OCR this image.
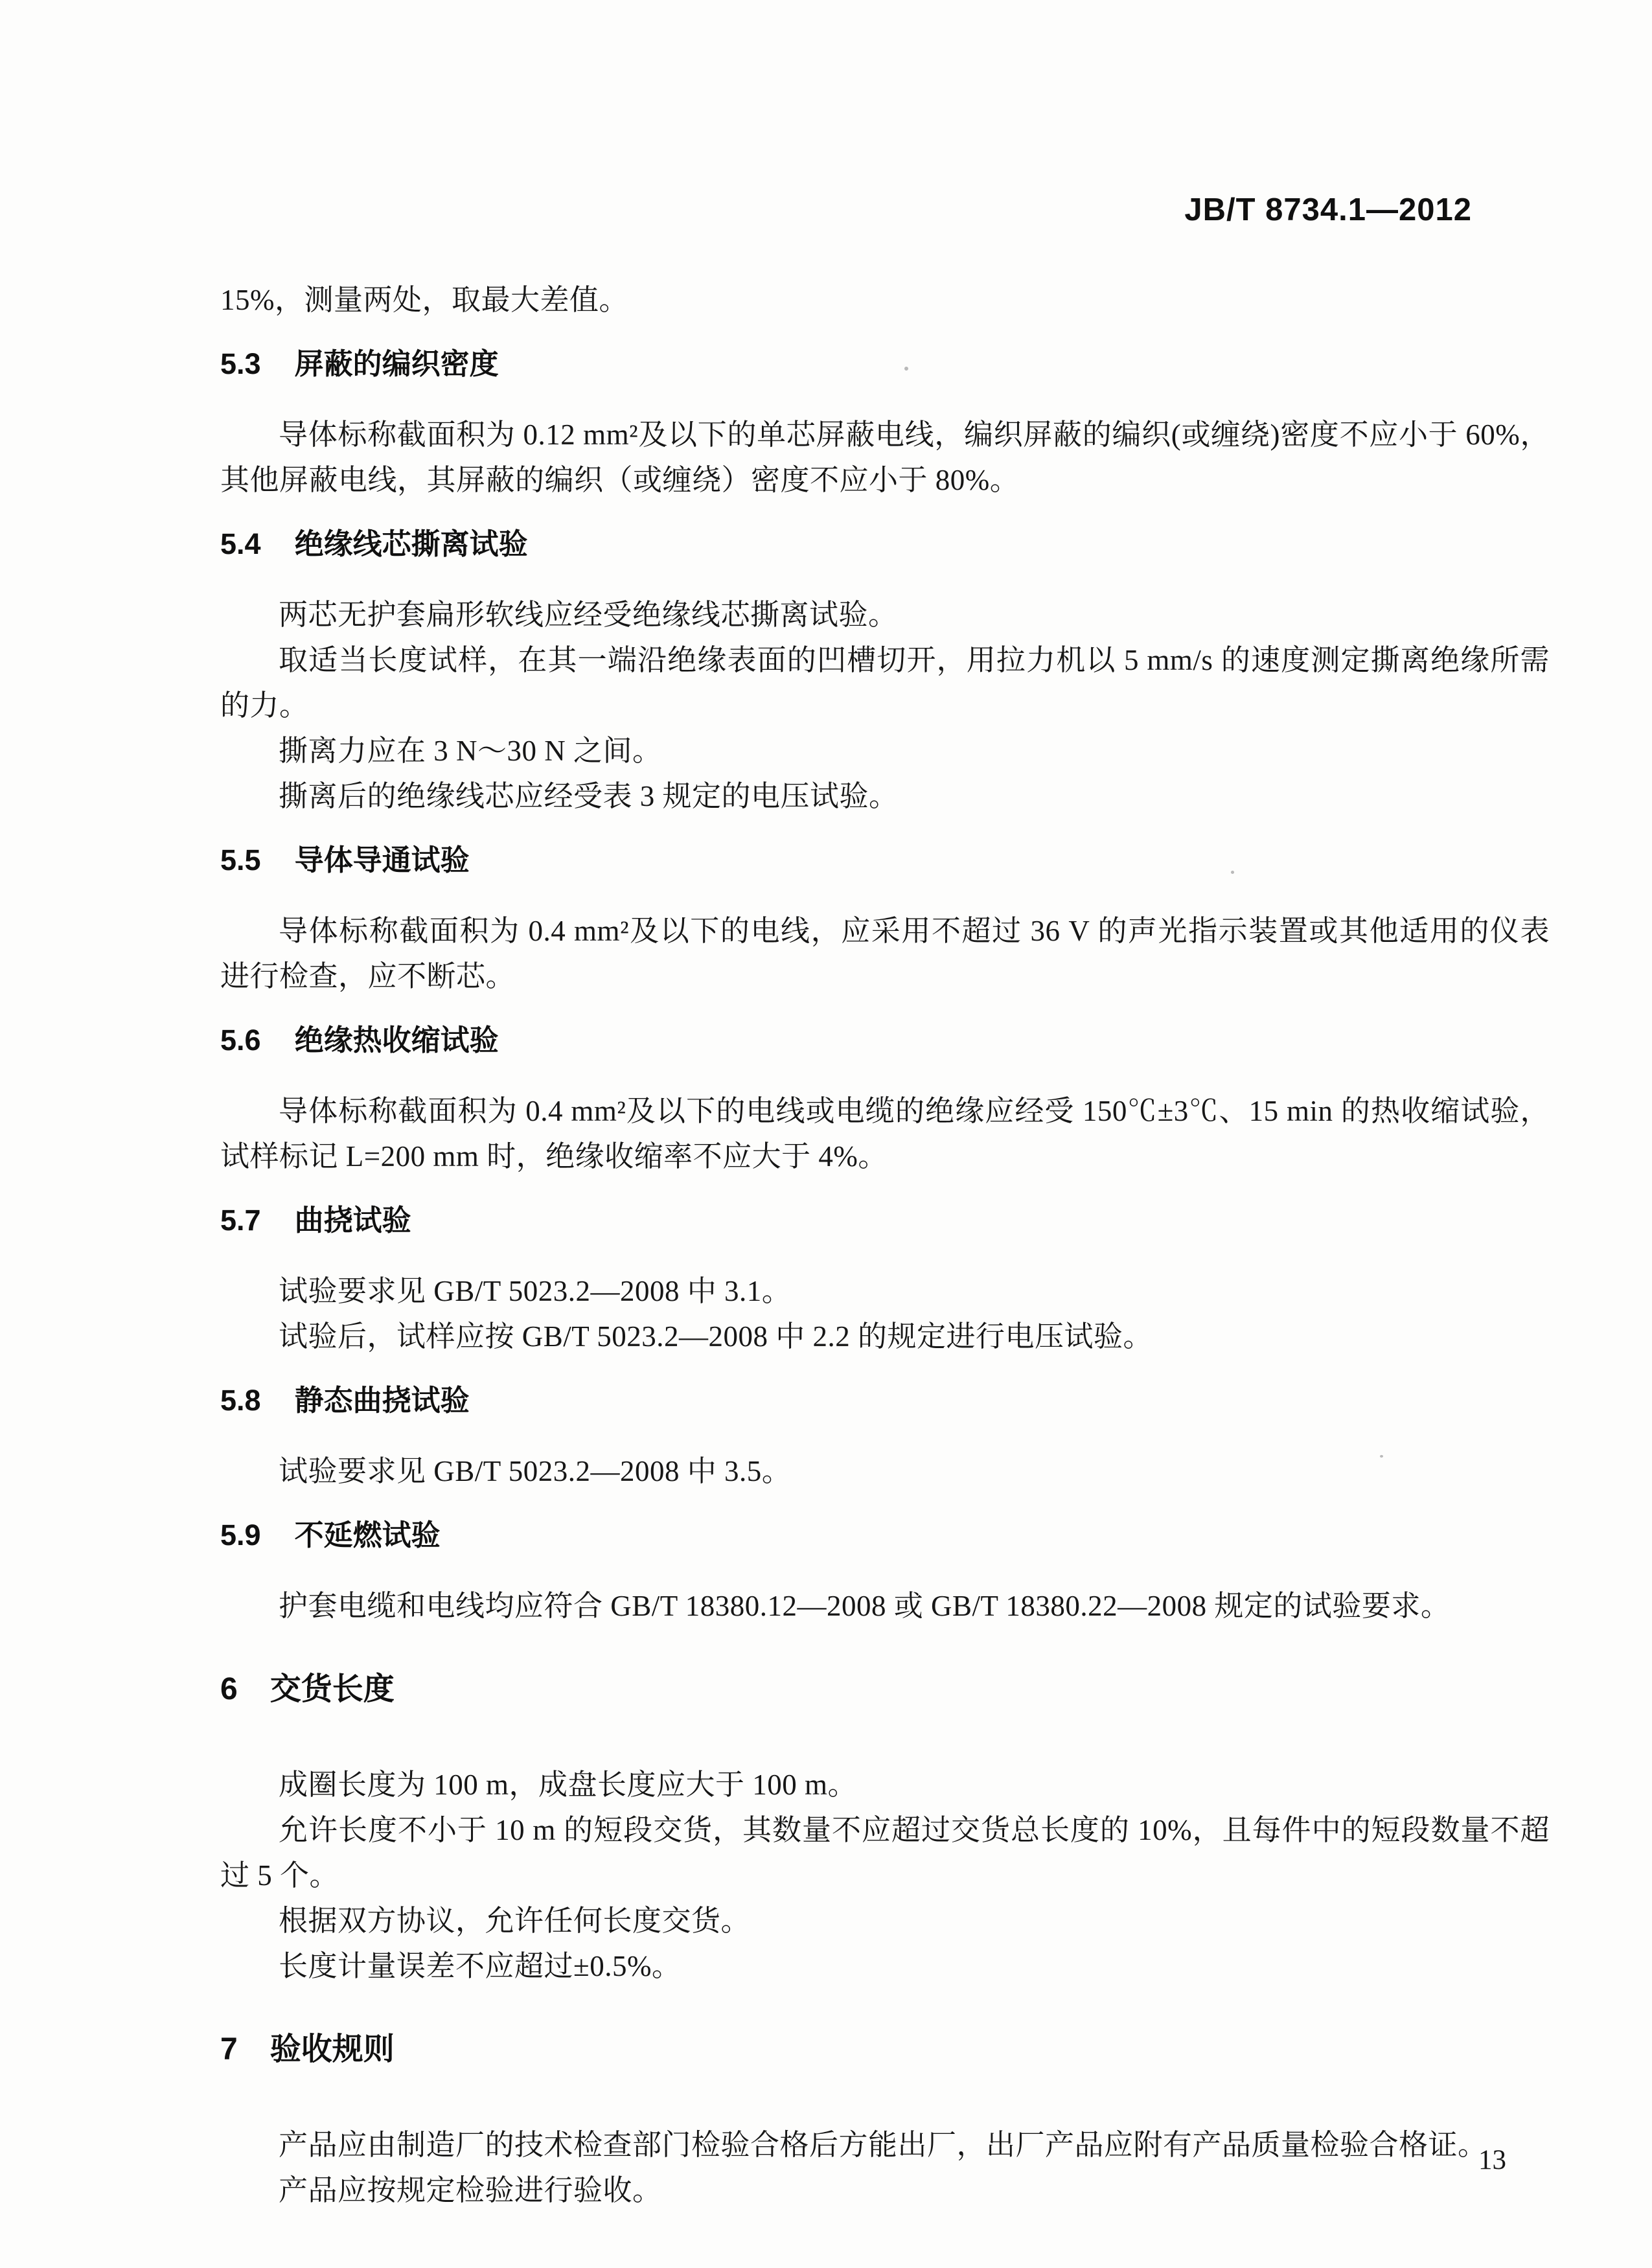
JB/T 8734.1—2012

15%，测量两处，取最大差值。

5.3 屏蔽的编织密度

导体标称截面积为 0.12 mm²及以下的单芯屏蔽电线，编织屏蔽的编织(或缠绕)密度不应小于 60%，其他屏蔽电线，其屏蔽的编织（或缠绕）密度不应小于 80%。

5.4 绝缘线芯撕离试验

两芯无护套扁形软线应经受绝缘线芯撕离试验。

取适当长度试样，在其一端沿绝缘表面的凹槽切开，用拉力机以 5 mm/s 的速度测定撕离绝缘所需的力。

撕离力应在 3 N～30 N 之间。

撕离后的绝缘线芯应经受表 3 规定的电压试验。

5.5 导体导通试验

导体标称截面积为 0.4 mm²及以下的电线，应采用不超过 36 V 的声光指示装置或其他适用的仪表进行检查，应不断芯。

5.6 绝缘热收缩试验

导体标称截面积为 0.4 mm²及以下的电线或电缆的绝缘应经受 150℃±3℃、15 min 的热收缩试验，试样标记 L=200 mm 时，绝缘收缩率不应大于 4%。

5.7 曲挠试验

试验要求见 GB/T 5023.2—2008 中 3.1。

试验后，试样应按 GB/T 5023.2—2008 中 2.2 的规定进行电压试验。

5.8 静态曲挠试验

试验要求见 GB/T 5023.2—2008 中 3.5。

5.9 不延燃试验

护套电缆和电线均应符合 GB/T 18380.12—2008 或 GB/T 18380.22—2008 规定的试验要求。

6 交货长度

成圈长度为 100 m，成盘长度应大于 100 m。

允许长度不小于 10 m 的短段交货，其数量不应超过交货总长度的 10%，且每件中的短段数量不超过 5 个。

根据双方协议，允许任何长度交货。

长度计量误差不应超过±0.5%。

7 验收规则

产品应由制造厂的技术检查部门检验合格后方能出厂，出厂产品应附有产品质量检验合格证。

产品应按规定检验进行验收。

13
